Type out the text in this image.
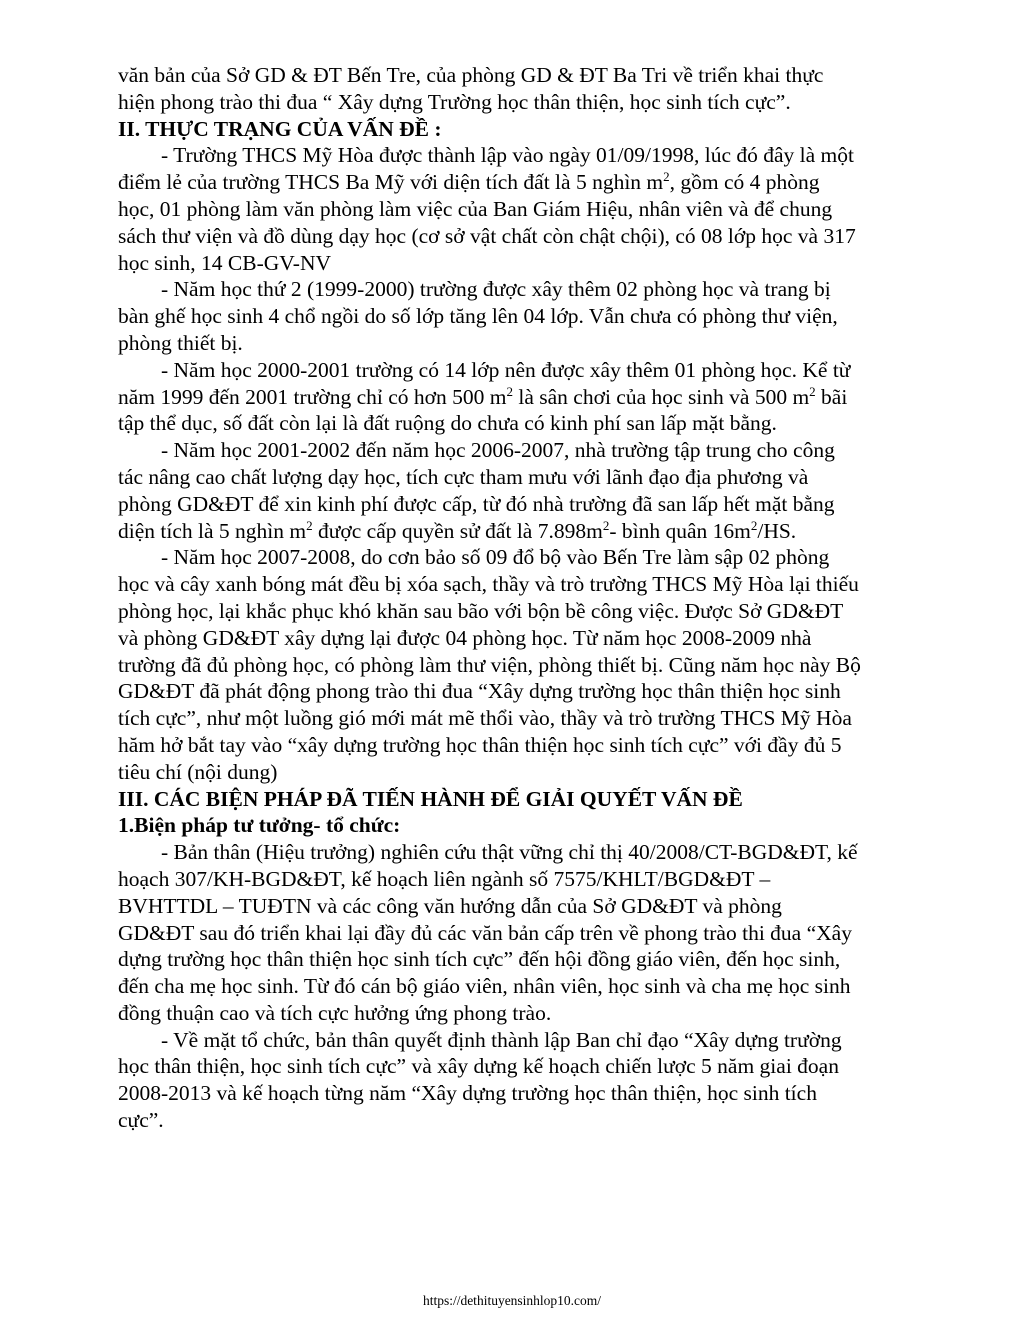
văn bản của Sở GD & ĐT Bến Tre, của phòng GD & ĐT Ba Tri về triển khai thực
hiện phong trào thi đua “ Xây dựng Trường học thân thiện, học sinh tích cực”.
II. THỰC TRẠNG CỦA VẤN ĐỀ :
- Trường THCS Mỹ Hòa được thành lập vào ngày 01/09/1998, lúc đó đây là một
điểm lẻ của trường THCS Ba Mỹ với diện tích đất là 5 nghìn $m^2$, gồm có 4 phòng
học, 01 phòng làm văn phòng làm việc của Ban Giám Hiệu, nhân viên và để chung
sách thư viện và đồ dùng dạy học (cơ sở vật chất còn chật chội), có 08 lớp học và 317
học sinh, 14 CB-GV-NV
- Năm học thứ 2 (1999-2000) trường được xây thêm 02 phòng học và trang bị
bàn ghế học sinh 4 chổ ngồi do số lớp tăng lên 04 lớp. Vẫn chưa có phòng thư viện,
phòng thiết bị.
- Năm học 2000-2001 trường có 14 lớp nên được xây thêm 01 phòng học. Kể từ
năm 1999 đến 2001 trường chỉ có hơn 500 $m^2$ là sân chơi của học sinh và 500 $m^2$ bãi
tập thể dục, số đất còn lại là đất ruộng do chưa có kinh phí san lấp mặt bằng.
- Năm học 2001-2002 đến năm học 2006-2007, nhà trường tập trung cho công
tác nâng cao chất lượng dạy học, tích cực tham mưu với lãnh đạo địa phương và
phòng GD&ĐT để xin kinh phí được cấp, từ đó nhà trường đã san lấp hết mặt bằng
diện tích là 5 nghìn $m^2$ được cấp quyền sử đất là $7.898m^2-$ bình quân $16m^2/HS$.
- Năm học 2007-2008, do cơn bảo số 09 đổ bộ vào Bến Tre làm sập 02 phòng
học và cây xanh bóng mát đều bị xóa sạch, thầy và trò trường THCS Mỹ Hòa lại thiếu
phòng học, lại khắc phục khó khăn sau bão với bộn bề công việc. Được Sở GD&ĐT
và phòng GD&ĐT xây dựng lại được 04 phòng học. Từ năm học 2008-2009 nhà
trường đã đủ phòng học, có phòng làm thư viện, phòng thiết bị. Cũng năm học này Bộ
GD&ĐT đã phát động phong trào thi đua “Xây dựng trường học thân thiện học sinh
tích cực”, như một luồng gió mới mát mẽ thổi vào, thầy và trò trường THCS Mỹ Hòa
hăm hở bắt tay vào “xây dựng trường học thân thiện học sinh tích cực” với đầy đủ 5
tiêu chí (nội dung)
III. CÁC BIỆN PHÁP ĐÃ TIẾN HÀNH ĐỂ GIẢI QUYẾT VẤN ĐỀ
1.Biện pháp tư tưởng- tổ chức:
- Bản thân (Hiệu trưởng) nghiên cứu thật vững chỉ thị 40/2008/CT-BGD&ĐT, kế
hoạch 307/KH-BGD&ĐT, kế hoạch liên ngành số 7575/KHLT/BGD&ĐT –
BVHTTDL – TUĐTN và các công văn hướng dẫn của Sở GD&ĐT và phòng
GD&ĐT sau đó triển khai lại đầy đủ các văn bản cấp trên về phong trào thi đua “Xây
dựng trường học thân thiện học sinh tích cực” đến hội đồng giáo viên, đến học sinh,
đến cha mẹ học sinh. Từ đó cán bộ giáo viên, nhân viên, học sinh và cha mẹ học sinh
đồng thuận cao và tích cực hưởng ứng phong trào.
- Về mặt tổ chức, bản thân quyết định thành lập Ban chỉ đạo “Xây dựng trường
học thân thiện, học sinh tích cực” và xây dựng kế hoạch chiến lược 5 năm giai đoạn
2008-2013 và kế hoạch từng năm “Xây dựng trường học thân thiện, học sinh tích
cực”.
https://dethituyensinhlop10.com/
